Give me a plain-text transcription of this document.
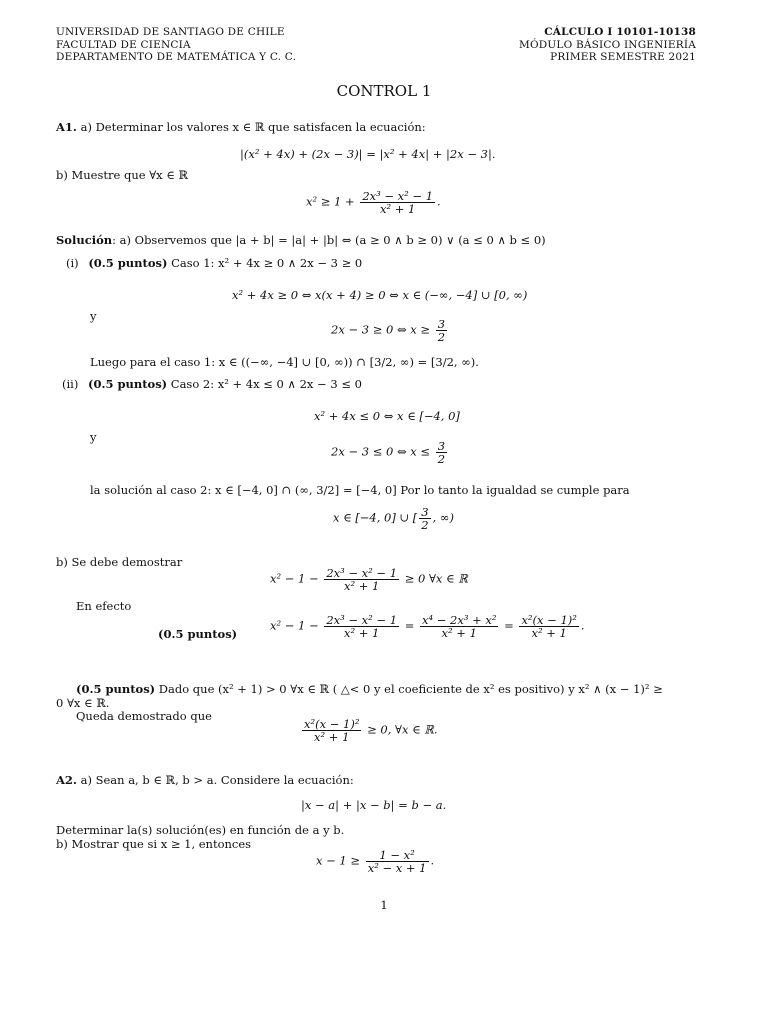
UNIVERSIDAD DE SANTIAGO DE CHILE
FACULTAD DE CIENCIA
DEPARTAMENTO DE MATEMÁTICA Y C. C.
CÁLCULO I 10101-10138
MÓDULO BÁSICO INGENIERÍA
PRIMER SEMESTRE 2021
CONTROL 1
A1. a) Determinar los valores x ∈ ℝ que satisfacen la ecuación:
|(x² + 4x) + (2x − 3)| = |x² + 4x| + |2x − 3|.
b) Muestre que ∀x ∈ ℝ
$x^2 \ge 1 + \frac{\text{2x³ − x² − 1}}{\text{x² + 1}}$ .
Solución: a) Observemos que |a + b| = |a| + |b| ⇔ (a ≥ 0 ∧ b ≥ 0) ∨ (a ≤ 0 ∧ b ≤ 0)
(i) (0.5 puntos) Caso 1: x² + 4x ≥ 0 ∧ 2x − 3 ≥ 0
x² + 4x ≥ 0 ⇔ x(x + 4) ≥ 0 ⇔ x ∈ (−∞, −4] ∪ [0, ∞)
y
2x − 3 ≥ 0 ⇔ $x \ge \frac{3}{2}$
Luego para el caso 1: x ∈ ((−∞, −4] ∪ [0, ∞)) ∩ [3/2, ∞) = [3/2, ∞).
(ii) (0.5 puntos) Caso 2: x² + 4x ≤ 0 ∧ 2x − 3 ≤ 0
x² + 4x ≤ 0 ⇔ x ∈ [−4, 0]
y
2x − 3 ≤ 0 ⇔ $x \le \frac{3}{2}$
la solución al caso 2: x ∈ [−4, 0] ∩ (∞, 3/2] = [−4, 0] Por lo tanto la igualdad se cumple para
x ∈ [−4, 0] ∪ [ $\frac{3}{2}$ , ∞)
b) Se debe demostrar
$x^2 - 1 - \frac{\text{2x³ − x² − 1}}{\text{x² + 1}} \ge 0$ ∀x ∈ ℝ
En efecto
(0.5 puntos)
$x^2 - 1 - \frac{\text{2x³ − x² − 1}}{\text{x² + 1}} = \frac{\text{x⁴ − 2x³ + x²}}{\text{x² + 1}} = \frac{\text{x²(x − 1)²}}{\text{x² + 1}}$ .
(0.5 puntos) Dado que (x² + 1) > 0 ∀x ∈ ℝ ( △< 0 y el coeficiente de x² es positivo) y x² ∧ (x − 1)² ≥
0 ∀x ∈ ℝ.
Queda demostrado que
$\frac{\text{x²(x − 1)²}}{\text{x² + 1}} \ge 0$, ∀x ∈ ℝ.
A2. a) Sean a, b ∈ ℝ, b > a. Considere la ecuación:
|x − a| + |x − b| = b − a.
Determinar la(s) solución(es) en función de a y b.
b) Mostrar que si x ≥ 1, entonces
$x - 1 \ge \frac{\text{1 − x²}}{\text{x² − x + 1}}$ .
1
